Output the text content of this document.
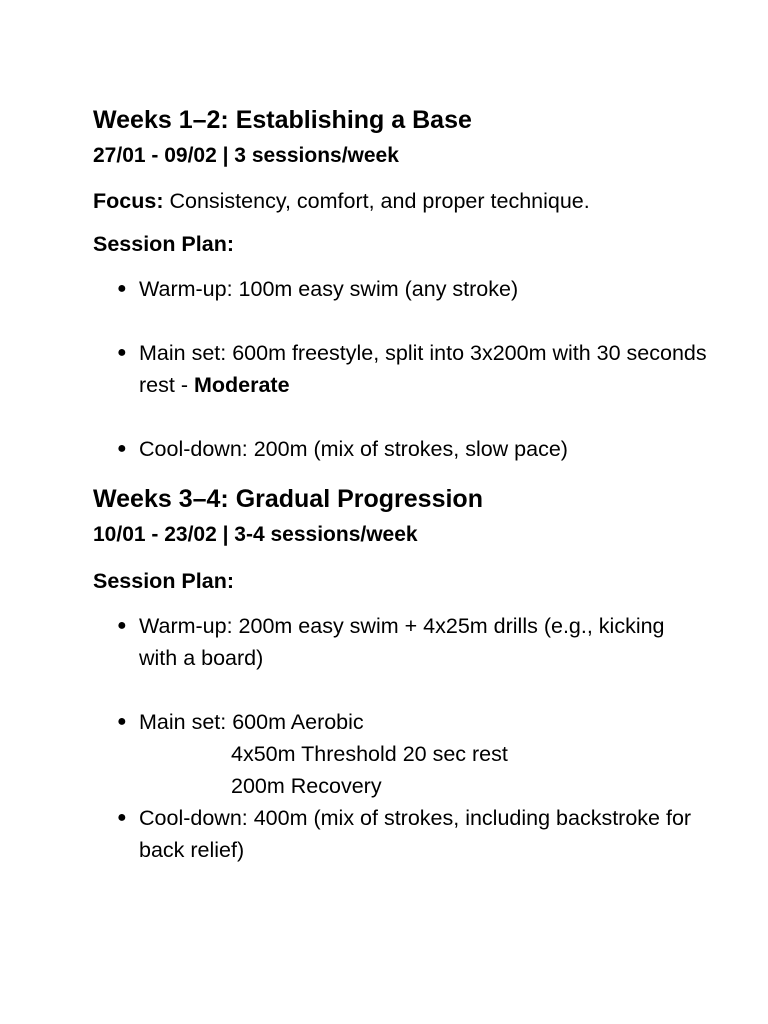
Weeks 1–2: Establishing a Base
27/01 - 09/02 | 3 sessions/week

Focus: Consistency, comfort, and proper technique.

Session Plan:
● Warm-up: 100m easy swim (any stroke)
● Main set: 600m freestyle, split into 3x200m with 30 seconds rest - Moderate
● Cool-down: 200m (mix of strokes, slow pace)
Weeks 3–4: Gradual Progression
10/01 - 23/02 | 3-4 sessions/week
Session Plan:
● Warm-up: 200m easy swim + 4x25m drills (e.g., kicking with a board)
● Main set: 600m Aerobic
4x50m Threshold 20 sec rest
200m Recovery
● Cool-down: 400m (mix of strokes, including backstroke for back relief)
